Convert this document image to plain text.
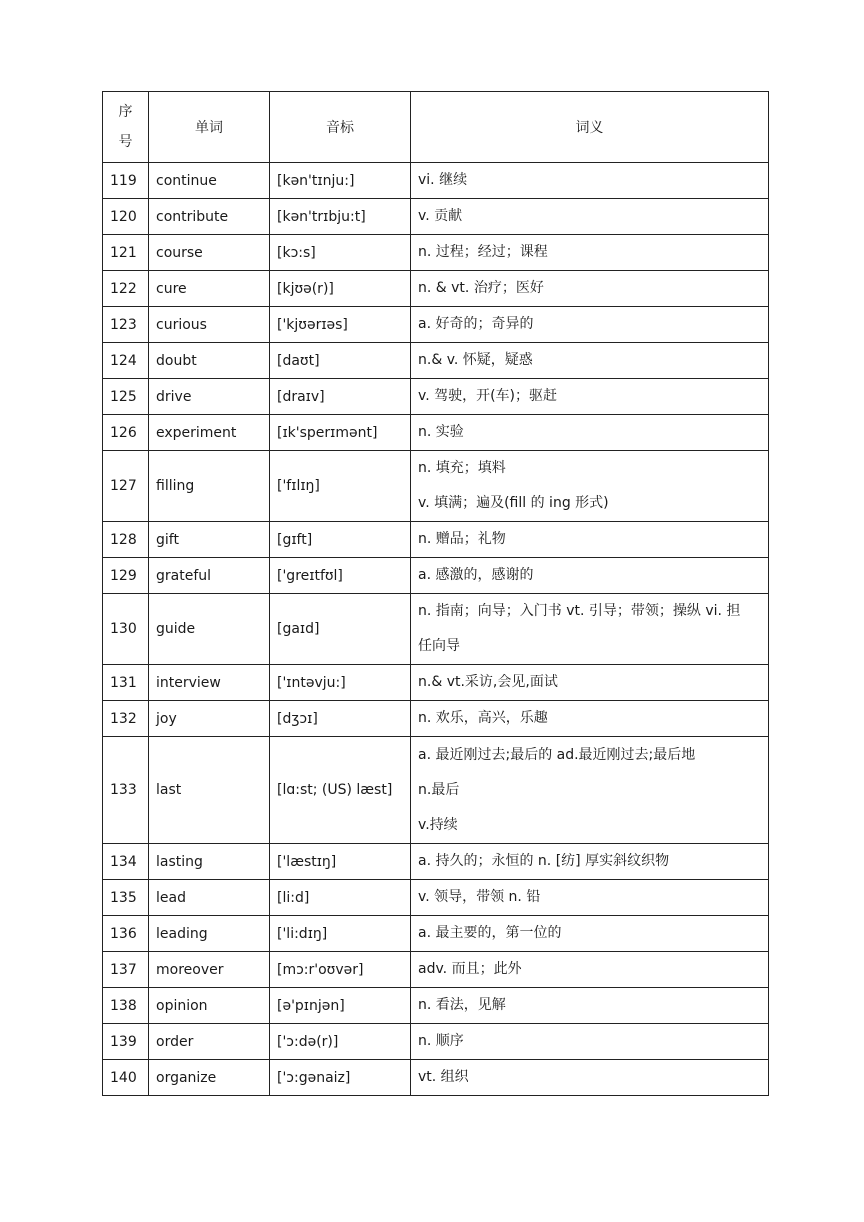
序
号	单词	音标	词义
119	continue	[kən'tɪnju:]	vi. 继续

120	contribute	[kən'trɪbju:t]	v. 贡献

121	course	[kɔ:s]	n. 过程；经过；课程

122	cure	[kjʊə(r)]	n. & vt. 治疗；医好

123	curious	['kjʊərɪəs]	a. 好奇的；奇异的

124	doubt	[daʊt]	n.& v. 怀疑，疑惑

125	drive	[draɪv]	v. 驾驶，开(车)；驱赶

126	experiment	[ɪk'sperɪmənt]	n. 实验

127	filling	['fɪlɪŋ]	n. 填充；填料
v. 填满；遍及(fill 的 ing 形式)

128	gift	[gɪft]	n. 赠品；礼物

129	grateful	['greɪtfʊl]	a. 感激的，感谢的

130	guide	[gaɪd]	n. 指南；向导；入门书 vt. 引导；带领；操纵 vi. 担
任向导

131	interview	['ɪntəvju:]	n.& vt.采访,会见,面试

132	joy	[dʒɔɪ]	n. 欢乐，高兴，乐趣

133	last	[lɑ:st; (US) læst]	a. 最近刚过去;最后的 ad.最近刚过去;最后地
n.最后
v.持续

134	lasting	['læstɪŋ]	a. 持久的；永恒的 n. [纺] 厚实斜纹织物

135	lead	[li:d]	v. 领导，带领 n. 铅

136	leading	['li:dɪŋ]	a. 最主要的，第一位的

137	moreover	[mɔ:r'oʊvər]	adv. 而且；此外

138	opinion	[ə'pɪnjən]	n. 看法，见解

139	order	['ɔ:də(r)]	n. 顺序

140	organize	['ɔ:gənaiz]	vt. 组织
